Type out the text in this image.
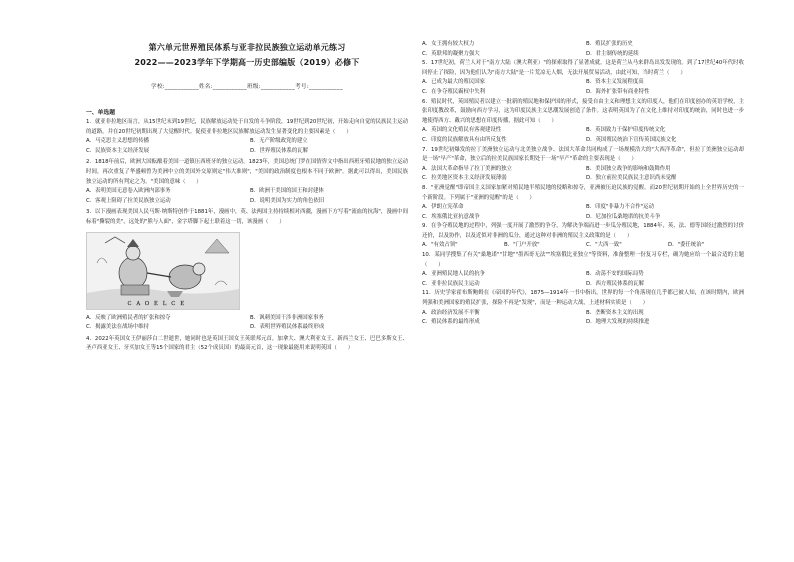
第六单元世界殖民体系与亚非拉民族独立运动单元练习
2022——2023学年下学期高一历史部编版（2019）必修下
学校:___________姓名:___________班级:___________考号:___________
一、单选题
1．就亚非拉地区而言，从15世纪末到19世纪，民族解放运动处于自发的斗争阶段，19世纪到20世纪初，开始走向自觉的民族民主运动的道路，并在20世纪初期出现了大觉醒时代。促使亚非拉地区民族解放运动发生显著变化的主要因素是（　　）
A．马克思主义思想的传播	B．无产阶级政党的建立
C．民族资本主义经济发展	D．世界殖民体系的瓦解
2．1818年前后，欧洲大国酝酿着美国一道镇压西班牙的独立运动。1823年，美国总统门罗在国情咨文中指出西班牙殖民地的独立运动时间，再次重复了华盛顿曾为美洲中立的美国外交原则定"伟大准则"，"美国的政治制度也根本不同于欧洲"。据此可以得出，美国民族独立运动的所有判定之为。"美国的意味（　　）
A．表明美国无意卷入欧洲内部事务	B．欧洲干美国的国王和封建体
C．客观上阻碍了拉美民族独立运动	D．说明美国为实力的角色依旧
3．以下漫画表现美国人民马斯·纳斯特创作于1881年，漫画中，英、法两国主持持续相对西疆，漫画下方写着"流血的抗海"，漫画中间标着"撕裂的美"，远处的"熊与人面"，金字塔脚下起土联着这一切，该漫画（　　）
Ｃ Ａ Ｏ Ｅ Ｌ Ｃ Ｅ
A．反映了欧洲殖民者的扩张和掠夺	B．讽刺美国干涉非洲国家事务
C．揭露美法在战场中维持	D．表明世界殖民体系最终形成
4．2022年英国女王伊丽莎白二世逝世，她同时也是英国王国女王英联邦元首，加拿大、澳大利亚女王、新西兰女王、巴巴多斯女王、圣卢西亚女王、牙买加女王等15个国家的君主（52个成员国）的最高元首，这一现象最能用来说明英国（　　）
A．女王拥有较大权力	B．殖民扩张的历史
C．英联邦的凝聚力强大	D．君主制传统的延续
5．17世纪初，荷兰人对于"南方大陆（澳大利亚）"的探索取得了显著成就，这是荷兰从马来群岛出发发现的。到了17世纪40年代时收回停止了探险，因为他们认为"南方大陆"是一片荒凉无人烟，无法开展贸易活动，由此可知，当时荷兰（　　）
A．已成为最大的殖民国家	B．资本主义发展程度高
C．在争夺殖民霸权中失利	D．海外扩张带有商业特性
6．殖民时代，英国殖民者以建立一批新的殖民地和保护国的形式，接受自由主义和理想主义的印度人，他们在印度创办的英语学校，主张印度教改革，鼓励向西方学习，这为印度民族主义思潮发展创造了条件。这表明英国为了在文化上维持对印度的统治，同时也进一步地使得西方、戴兴的思想在印度传播，据此可知（　　）
A．英国的文化殖民有客观建设性	B．英国致力于保护印度传统文化
C．印度的民族解放具有由所反复性	D．英国殖民统治下宣传英国民族文化
7．19世纪初爆发的拉丁美洲独立运动与北美独立战争、法国大革命共同构成了一场规模浩大的"大西洋革命"，但拉丁美洲独立运动却是一场"早产"革命，独立后的拉美民族国家长期处于一场"早产"革命的主要表现是（　　）
A．法国大革命指导了拉丁美洲的独立	B．美国独立战争的影响和鼓舞作用
C．拉美地区资本主义经济发展薄弱	D．独立前拉美民族民主意识尚未觉醒
8．"亚洲觉醒"即帝国主义国家加紧对殖民地半殖民地的侵略和掠夺，亚洲被压迫民族的觉醒。而20世纪初期开始的上全世界历史的一个新阶段。下列属于"亚洲的觉醒"的是（　　）
A．伊朗立宪革命	B．印度"非暴力不合作"运动
C．埃塞俄比亚抗意战争	D．尼加拉瓜桑地诺的抗美斗争
9．在争夺殖民地的过程中，列强一度开展了激烈的争夺，为解决争端而进一步瓜分殖民地，1884年，英、法、德等国经过激烈的讨价还价，以及协作，以及近似对非洲的瓜分，通过这种对非洲的殖民主义政策的是（　　）
A．"有效占领"	B．"门户开放"	C．"大西一致"	D．"委任统治"
10．某同学搜集了有关"桑地诺""甘地""墨西哥无法""埃塞俄比亚独立"等资料，准备整理一份复习专栏，确为她应给一个最合适的主题（　　）
A．亚洲殖民地人民的抗争	B．动荡不安的国际局势
C．亚非拉民族民主运动	D．西方殖民体系的瓦解
11．历史学家霍布斯鲍姆在《帝国的年代》，1875—1914年一书中指出，世界的每一个角落现在几乎都已被人知，在该时期内，欧洲列强和美洲国家的殖民扩张，探险不再是"发现"，而是一种运动大战，上述材料实质是（　　）
A．政治经济发展不平衡	B．垄断资本主义的出现
C．殖民体系的最终形成	D．地理大发现的持续推进
